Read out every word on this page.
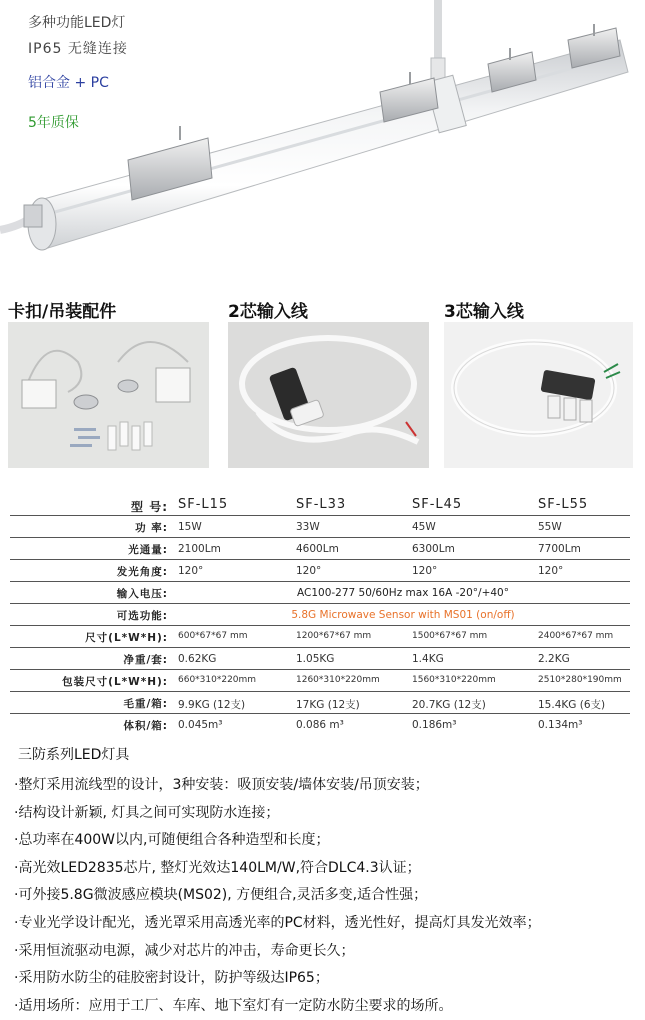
多种功能LED灯
IP65 无缝连接
铝合金 + PC
5年质保
卡扣/吊装配件	2芯输入线	3芯输入线
型 号: SF-L15	SF-L33	SF-L45	SF-L55
功 率: 15W	33W	45W	55W
光通量: 2100Lm	4600Lm	6300Lm	7700Lm
发光角度: 120°	120°	120°	120°
输入电压:	AC100-277 50/60Hz max 16A -20°/+40°
可选功能:	5.8G Microwave Sensor with MS01 (on/off)
尺寸(L*W*H): 600*67*67 mm	1200*67*67 mm	1500*67*67 mm	2400*67*67 mm
净重/套: 0.62KG	1.05KG	1.4KG	2.2KG
包装尺寸(L*W*H): 660*310*220mm	1260*310*220mm	1560*310*220mm	2510*280*190mm
毛重/箱: 9.9KG (12支)	17KG (12支)	20.7KG (12支)	15.4KG (6支)
体积/箱: 0.045m³	0.086 m³	0.186m³	0.134m³
三防系列LED灯具
·整灯采用流线型的设计，3种安装：吸顶安装/墙体安装/吊顶安装；
·结构设计新颖, 灯具之间可实现防水连接；
·总功率在400W以内,可随便组合各种造型和长度；
·高光效LED2835芯片, 整灯光效达140LM/W,符合DLC4.3认证；
·可外接5.8G微波感应模块(MS02), 方便组合,灵活多变,适合性强；
·专业光学设计配光，透光罩采用高透光率的PC材料，透光性好，提高灯具发光效率；
·采用恒流驱动电源，减少对芯片的冲击，寿命更长久；
·采用防水防尘的硅胶密封设计，防护等级达IP65；
·适用场所：应用于工厂、车库、地下室灯有一定防水防尘要求的场所。
